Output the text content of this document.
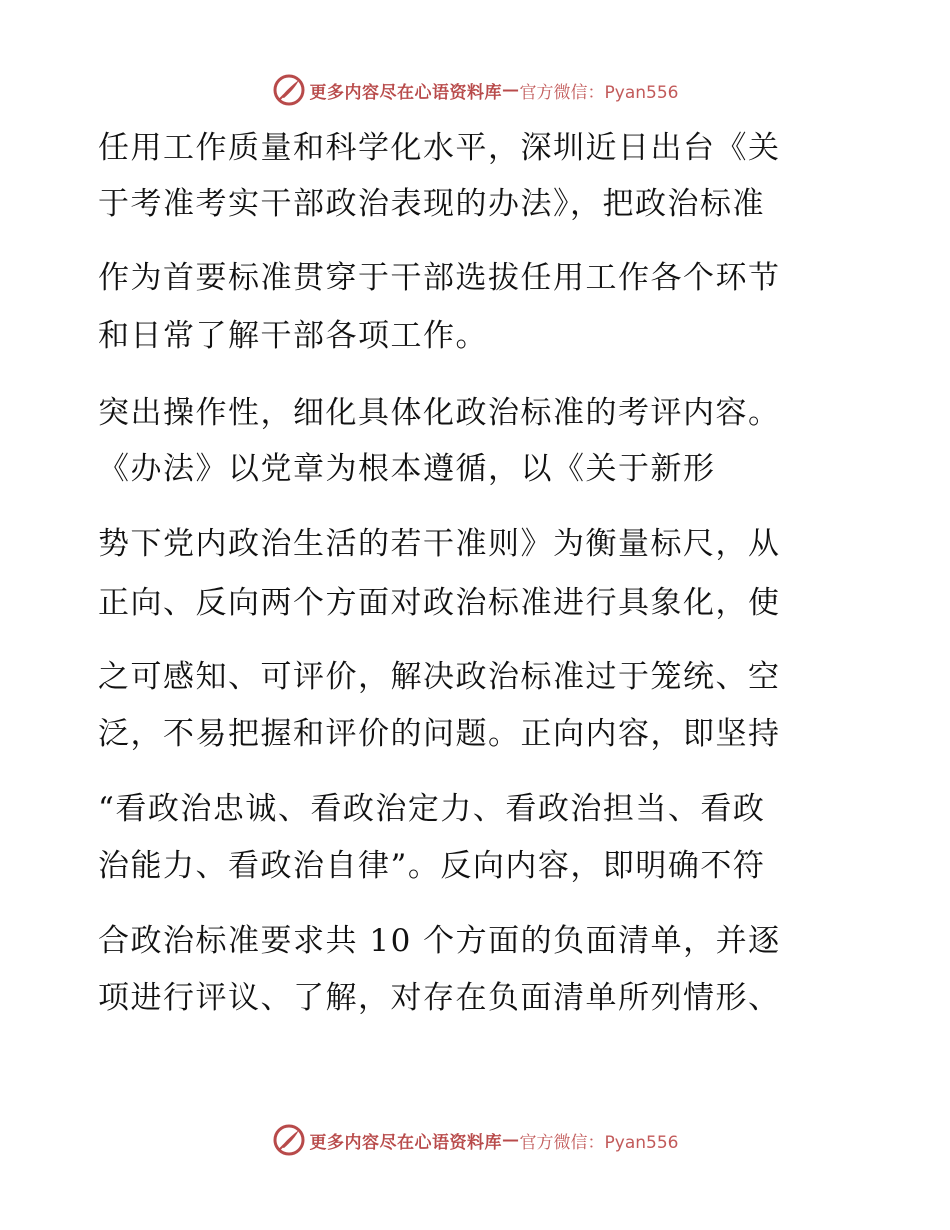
更多内容尽在心语资料库 — 官方微信：Pyan556
任用工作质量和科学化水平，深圳近日出台《关
于考准考实干部政治表现的办法》，把政治标准
作为首要标准贯穿于干部选拔任用工作各个环节
和日常了解干部各项工作。
突出操作性，细化具体化政治标准的考评内容。
《办法》以党章为根本遵循，以《关于新形
势下党内政治生活的若干准则》为衡量标尺，从
正向、反向两个方面对政治标准进行具象化，使
之可感知、可评价，解决政治标准过于笼统、空
泛，不易把握和评价的问题。正向内容，即坚持
“看政治忠诚、看政治定力、看政治担当、看政
治能力、看政治自律”。反向内容，即明确不符
合政治标准要求共 10 个方面的负面清单，并逐
项进行评议、了解，对存在负面清单所列情形、
更多内容尽在心语资料库 — 官方微信：Pyan556
